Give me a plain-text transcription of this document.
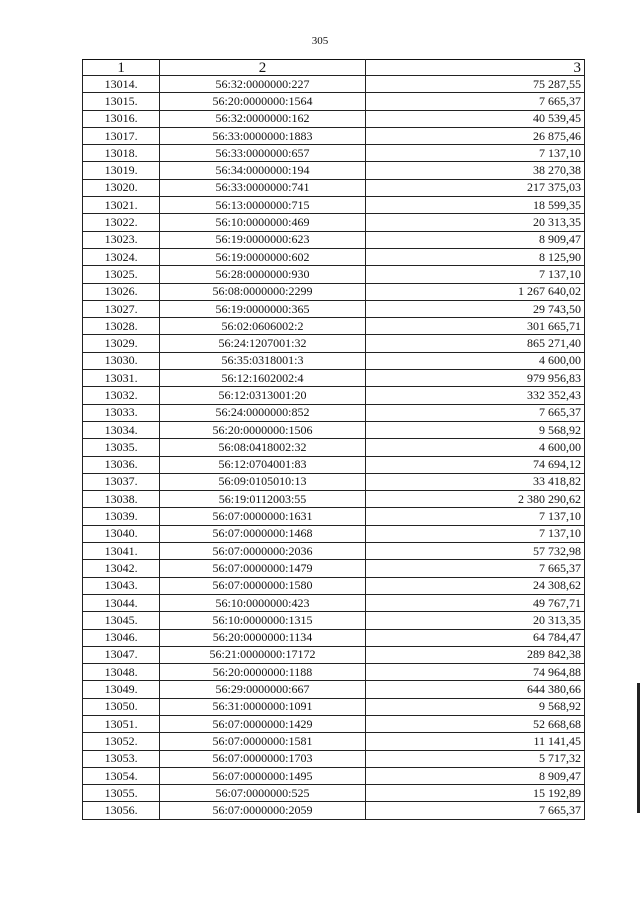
305
1	2	3
13014.	56:32:0000000:227	75 287,55
13015.	56:20:0000000:1564	7 665,37
13016.	56:32:0000000:162	40 539,45
13017.	56:33:0000000:1883	26 875,46
13018.	56:33:0000000:657	7 137,10
13019.	56:34:0000000:194	38 270,38
13020.	56:33:0000000:741	217 375,03
13021.	56:13:0000000:715	18 599,35
13022.	56:10:0000000:469	20 313,35
13023.	56:19:0000000:623	8 909,47
13024.	56:19:0000000:602	8 125,90
13025.	56:28:0000000:930	7 137,10
13026.	56:08:0000000:2299	1 267 640,02
13027.	56:19:0000000:365	29 743,50
13028.	56:02:0606002:2	301 665,71
13029.	56:24:1207001:32	865 271,40
13030.	56:35:0318001:3	4 600,00
13031.	56:12:1602002:4	979 956,83
13032.	56:12:0313001:20	332 352,43
13033.	56:24:0000000:852	7 665,37
13034.	56:20:0000000:1506	9 568,92
13035.	56:08:0418002:32	4 600,00
13036.	56:12:0704001:83	74 694,12
13037.	56:09:0105010:13	33 418,82
13038.	56:19:0112003:55	2 380 290,62
13039.	56:07:0000000:1631	7 137,10
13040.	56:07:0000000:1468	7 137,10
13041.	56:07:0000000:2036	57 732,98
13042.	56:07:0000000:1479	7 665,37
13043.	56:07:0000000:1580	24 308,62
13044.	56:10:0000000:423	49 767,71
13045.	56:10:0000000:1315	20 313,35
13046.	56:20:0000000:1134	64 784,47
13047.	56:21:0000000:17172	289 842,38
13048.	56:20:0000000:1188	74 964,88
13049.	56:29:0000000:667	644 380,66
13050.	56:31:0000000:1091	9 568,92
13051.	56:07:0000000:1429	52 668,68
13052.	56:07:0000000:1581	11 141,45
13053.	56:07:0000000:1703	5 717,32
13054.	56:07:0000000:1495	8 909,47
13055.	56:07:0000000:525	15 192,89
13056.	56:07:0000000:2059	7 665,37
